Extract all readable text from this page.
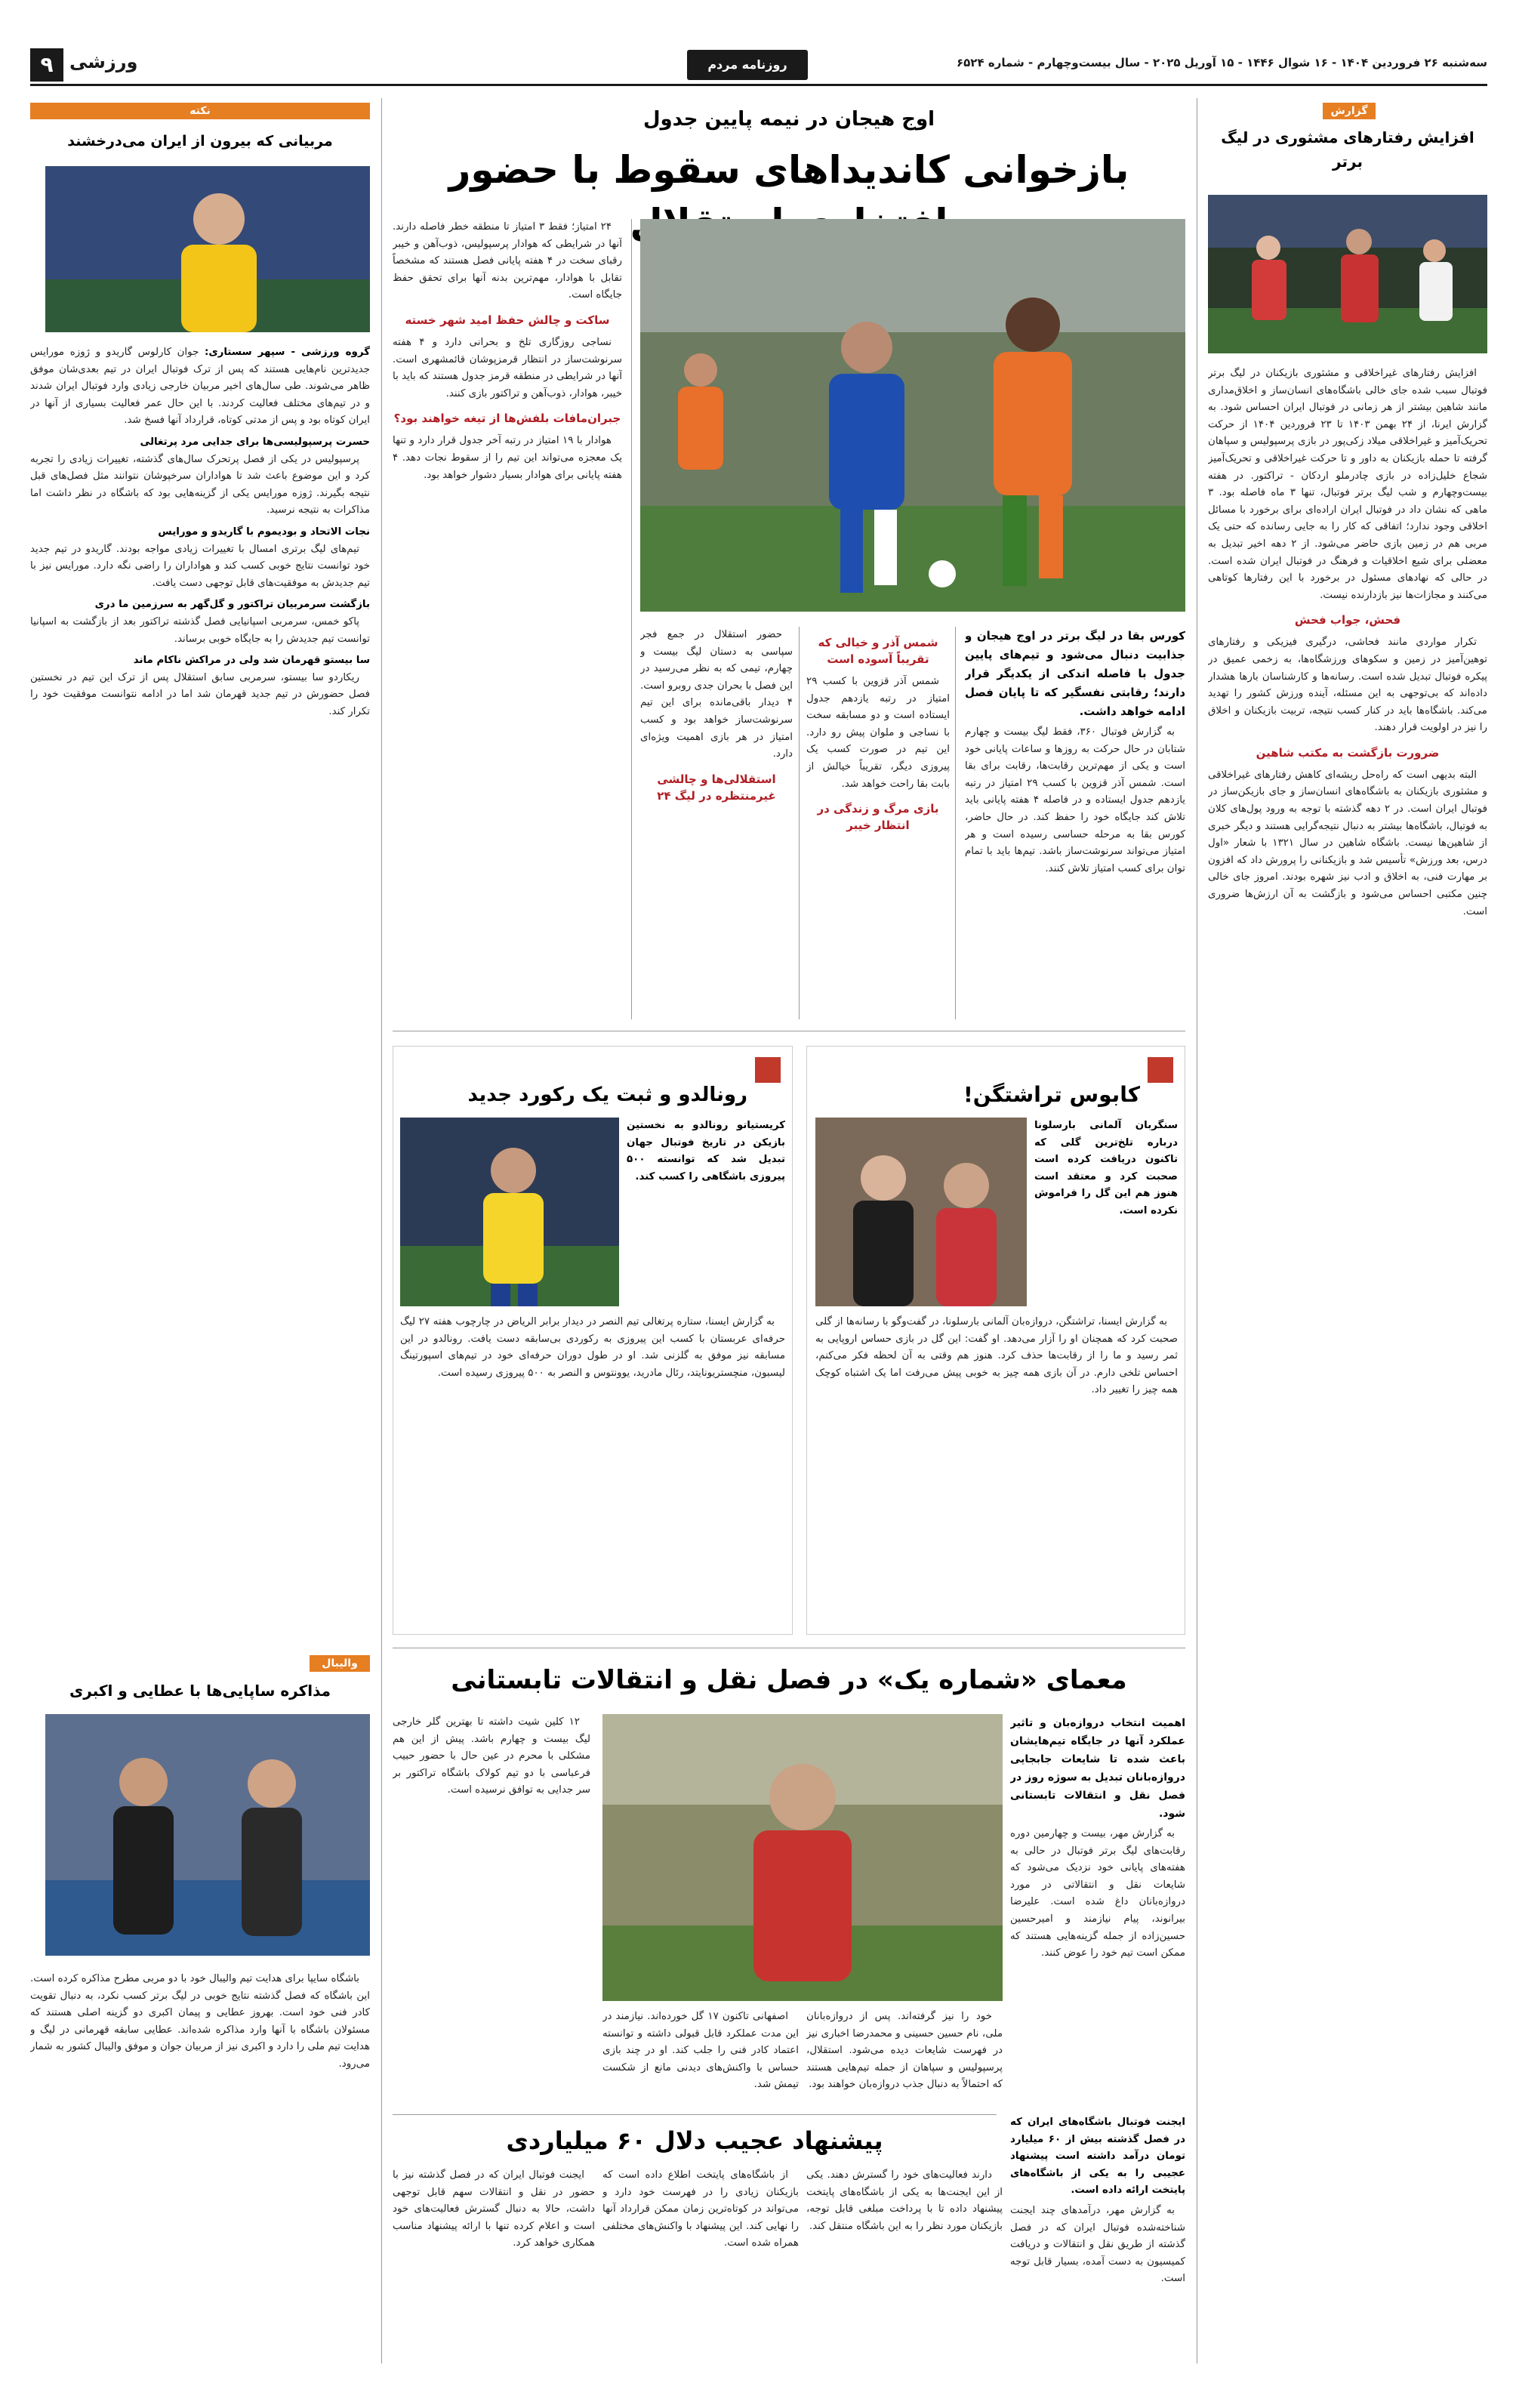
سه‌شنبه ۲۶ فروردین ۱۴۰۴ - ۱۶ شوال ۱۴۴۶ - ۱۵ آوریل ۲۰۲۵ - سال بیست‌وچهارم - شماره ۶۵۲۴
روزنامه مردم سالاری
۹ ورزشی
گزارش
افزایش رفتارهای مشثوری در لیگ برتر

افزایش رفتارهای غیراخلاقی و مشثوری بازیکنان در لیگ برتر فوتبال سبب شده جای خالی باشگاه‌های انسان‌ساز و اخلاق‌مداری مانند شاهین بیشتر از هر زمانی در فوتبال ایران احساس شود. به گزارش ایرنا، از ۲۴ بهمن ۱۴۰۳ تا ۲۳ فروردین ۱۴۰۴ از حرکت تحریک‌آمیز و غیراخلاقی میلاد زکی‌پور در بازی پرسپولیس و سپاهان گرفته تا حمله بازیکنان به داور و تا حرکت غیراخلاقی و تحریک‌آمیز شجاع خلیل‌زاده در بازی چادرملو اردکان - تراکتور. در هفته بیست‌وچهارم و شب لیگ برتر فوتبال، تنها ۳ ماه فاصله بود. ۳ ماهی که نشان داد در فوتبال ایران اراده‌ای برای برخورد با مسائل اخلاقی وجود ندارد؛ اتفاقی که کار را به جایی رسانده که حتی یک مربی هم در زمین بازی حاضر می‌شود. از ۲ دهه اخیر تبدیل به معضلی برای شیع اخلاقیات و فرهنگ در فوتبال ایران شده است. در حالی که نهادهای مسئول در برخورد با این رفتارها کوتاهی می‌کنند و مجازات‌ها نیز بازدارنده نیست.

فحش، جواب فحش

تکرار مواردی مانند فحاشی، درگیری فیزیکی و رفتارهای توهین‌آمیز در زمین و سکوهای ورزشگاه‌ها، به زخمی عمیق در پیکره فوتبال تبدیل شده است. رسانه‌ها و کارشناسان بارها هشدار داده‌اند که بی‌توجهی به این مسئله، آینده ورزش کشور را تهدید می‌کند. باشگاه‌ها باید در کنار کسب نتیجه، تربیت بازیکنان و اخلاق را نیز در اولویت قرار دهند.

ضرورت بازگشت به مکتب شاهین

البته بدیهی است که راه‌حل ریشه‌ای کاهش رفتارهای غیراخلاقی و مشثوری بازیکنان به باشگاه‌های انسان‌ساز و جای بازیکن‌ساز در فوتبال ایران است. در ۲ دهه گذشته با توجه به ورود پول‌های کلان به فوتبال، باشگاه‌ها بیشتر به دنبال نتیجه‌گرایی هستند و دیگر خبری از شاهین‌ها نیست. باشگاه شاهین در سال ۱۳۲۱ با شعار «اول درس، بعد ورزش» تأسیس شد و بازیکنانی را پرورش داد که افزون بر مهارت فنی، به اخلاق و ادب نیز شهره بودند. امروز جای خالی چنین مکتبی احساس می‌شود و بازگشت به آن ارزش‌ها ضروری است.

اوج هیجان در نیمه پایین جدول
بازخوانی کاندیداهای سقوط با حضور

کورس بقا در لیگ برتر در اوج هیجان و جذابیت دنبال می‌شود و تیم‌های پایین جدول با فاصله اندکی از یکدیگر قرار دارند؛ رقابتی نفسگیر که تا پایان فصل ادامه خواهد داشت.

به گزارش فوتبال ۳۶۰، فقط لیگ بیست و چهارم شتابان در حال حرکت به روزها و ساعات پایانی خود است و یکی از مهم‌ترین رقابت‌ها، رقابت برای بقا است. شمس آذر قزوین با کسب ۲۹ امتیاز در رتبه یازدهم جدول ایستاده و در فاصله ۴ هفته پایانی باید تلاش کند جایگاه خود را حفظ کند. در حال حاضر، کورس بقا به مرحله حساسی رسیده است و هر امتیاز می‌تواند سرنوشت‌ساز باشد. تیم‌ها باید با تمام توان برای کسب امتیاز تلاش کنند.

شمس آذر و خیالی که تقریباً آسوده است

شمس آذر قزوین با کسب ۲۹ امتیاز در رتبه یازدهم جدول ایستاده است و دو مسابقه سخت با نساجی و ملوان پیش رو دارد. این تیم در صورت کسب یک پیروزی دیگر، تقریباً خیالش از بابت بقا راحت خواهد شد.

بازی مرگ و زندگی در انتظار خیبر

حضور استقلال در جمع فجر سپاسی به دستان لیگ بیست و چهارم، تیمی که به نظر می‌رسید در این فصل با بحران جدی روبرو است. ۴ دیدار باقی‌مانده برای این تیم سرنوشت‌ساز خواهد بود و کسب امتیاز در هر بازی اهمیت ویژه‌ای دارد.

استقلالی‌ها و چالشی غیرمنتظره در لیگ ۲۴

۲۴ امتیاز؛ فقط ۳ امتیاز تا منطقه خطر فاصله دارند. آنها در شرایطی که هوادار پرسپولیس، ذوب‌آهن و خیبر رقبای سخت در ۴ هفته پایانی فصل هستند که مشخصاً تقابل با هوادار، مهم‌ترین بدنه آنها برای تحقق حفظ جایگاه است.

ساکت و چالش حفظ امید شهر خسته

نساجی روزگاری تلخ و بحرانی دارد و ۴ هفته سرنوشت‌ساز در انتظار قرمزپوشان قائمشهری است. آنها در شرایطی در منطقه قرمز جدول هستند که باید با خیبر، هوادار، ذوب‌آهن و تراکتور بازی کنند.

جبران‌مافات بلفش‌ها از تیغه خواهند بود؟

هوادار با ۱۹ امتیاز در رتبه آخر جدول قرار دارد و تنها یک معجزه می‌تواند این تیم را از سقوط نجات دهد. ۴ هفته پایانی برای هوادار بسیار دشوار خواهد بود.

کابوس تراشتگن!

سنگربان آلمانی بارسلونا درباره تلخ‌ترین گلی که تاکنون دریافت کرده است صحبت کرد و معتقد است هنوز هم این گل را فراموش نکرده است.

به گزارش ایسنا، تراشتگن، دروازه‌بان آلمانی بارسلونا، در گفت‌وگو با رسانه‌ها از گلی صحبت کرد که همچنان او را آزار می‌دهد. او گفت: این گل در بازی حساس اروپایی به ثمر رسید و ما را از رقابت‌ها حذف کرد. هنوز هم وقتی به آن لحظه فکر می‌کنم، احساس تلخی دارم. در آن بازی همه چیز به خوبی پیش می‌رفت اما یک اشتباه کوچک همه چیز را تغییر داد.

رونالدو و ثبت یک رکورد جدید

کریستیانو رونالدو به نخستین بازیکن در تاریخ فوتبال جهان تبدیل شد که توانسته ۵۰۰ پیروزی باشگاهی را کسب کند.

به گزارش ایسنا، ستاره پرتغالی تیم النصر در دیدار برابر الریاض در چارچوب هفته ۲۷ لیگ حرفه‌ای عربستان با کسب این پیروزی به رکوردی بی‌سابقه دست یافت. رونالدو در این مسابقه نیز موفق به گلزنی شد. او در طول دوران حرفه‌ای خود در تیم‌های اسپورتینگ لیسبون، منچستریونایتد، رئال مادرید، یوونتوس و النصر به ۵۰۰ پیروزی رسیده است.

معمای «شماره یک» در فصل نقل و انتقالات تابستانی

اهمیت انتخاب دروازه‌بان و تاثیر عملکرد آنها در جایگاه تیم‌هایشان باعث شده تا شایعات جابجایی دروازه‌بانان تبدیل به سوژه روز در فصل نقل و انتقالات تابستانی شود.

به گزارش مهر، بیست و چهارمین دوره رقابت‌های لیگ برتر فوتبال در حالی به هفته‌های پایانی خود نزدیک می‌شود که شایعات نقل و انتقالاتی در مورد دروازه‌بانان داغ شده است. علیرضا بیرانوند، پیام نیازمند و امیرحسین حسین‌زاده از جمله گزینه‌هایی هستند که ممکن است تیم خود را عوض کنند.

خود را نیز گرفته‌اند. پس از دروازه‌بانان ملی، نام حسین حسینی و محمدرضا اخباری نیز در فهرست شایعات دیده می‌شود. استقلال، پرسپولیس و سپاهان از جمله تیم‌هایی هستند که احتمالاً به دنبال جذب دروازه‌بان خواهند بود.

اصفهانی تاکنون ۱۷ گل خورده‌اند. نیازمند در این مدت عملکرد قابل قبولی داشته و توانسته اعتماد کادر فنی را جلب کند. او در چند بازی حساس با واکنش‌های دیدنی مانع از شکست تیمش شد.

۱۲ کلین شیت داشته تا بهترین گلر خارجی لیگ بیست و چهارم باشد. پیش از این هم مشکلی با محرم در عین حال با حضور حبیب فرعباسی با دو تیم کولاک باشگاه تراکتور بر سر جدایی به توافق نرسیده است.

پیشنهاد عجیب دلال ۶۰ میلیاردی

ایجنت فوتبال باشگاه‌های ایران که در فصل گذشته بیش از ۶۰ میلیارد تومان درآمد داشته است پیشنهاد عجیبی را به یکی از باشگاه‌های پایتخت ارائه داده است.

به گزارش مهر، درآمدهای چند ایجنت شناخته‌شده فوتبال ایران که در فصل گذشته از طریق نقل و انتقالات و دریافت کمیسیون به دست آمده، بسیار قابل توجه است.

دارند فعالیت‌های خود را گسترش دهند. یکی از این ایجنت‌ها به یکی از باشگاه‌های پایتخت پیشنهاد داده تا با پرداخت مبلغی قابل توجه، بازیکنان مورد نظر را به این باشگاه منتقل کند.

از باشگاه‌های پایتخت اطلاع داده است که بازیکنان زیادی را در فهرست خود دارد و می‌تواند در کوتاه‌ترین زمان ممکن قرارداد آنها را نهایی کند. این پیشنهاد با واکنش‌های مختلفی همراه شده است.

ایجنت فوتبال ایران که در فصل گذشته نیز با حضور در نقل و انتقالات سهم قابل توجهی داشت، حالا به دنبال گسترش فعالیت‌های خود است و اعلام کرده تنها با ارائه پیشنهاد مناسب همکاری خواهد کرد.

نکته
مربیانی که بیرون از ایران می‌درخشند

گروه ورزشی - سپهر سستاری: جوان کارلوس گاریدو و ژوزه مورایس جدیدترین نام‌هایی هستند که پس از ترک فوتبال ایران در تیم بعدی‌شان موفق ظاهر می‌شوند. طی سال‌های اخیر مربیان خارجی زیادی وارد فوتبال ایران شدند و در تیم‌های مختلف فعالیت کردند. با این حال عمر فعالیت بسیاری از آنها در ایران کوتاه بود و پس از مدتی کوتاه، قرارداد آنها فسخ شد.

حسرت پرسپولیسی‌ها برای جدایی مرد پرتغالی

پرسپولیس در یکی از فصل پرتحرک سال‌های گذشته، تغییرات زیادی را تجربه کرد و این موضوع باعث شد تا هواداران سرخپوشان نتوانند مثل فصل‌های قبل نتیجه بگیرند. ژوزه مورایس یکی از گزینه‌هایی بود که باشگاه در نظر داشت اما مذاکرات به نتیجه نرسید.

نجات الاتحاد و بودیموم با گاریدو و مورایس

تیم‌های لیگ برتری امسال با تغییرات زیادی مواجه بودند. گاریدو در تیم جدید خود توانست نتایج خوبی کسب کند و هواداران را راضی نگه دارد. مورایس نیز با تیم جدیدش به موفقیت‌های قابل توجهی دست یافت.

بازگشت سرمربیان تراکتور و گل‌گهر به سرزمین ما دری

پاکو خمس، سرمربی اسپانیایی فصل گذشته تراکتور بعد از بازگشت به اسپانیا توانست تیم جدیدش را به جایگاه خوبی برساند.

سا بیستو قهرمان شد ولی در مراکش ناکام ماند

ریکاردو سا بیستو، سرمربی سابق استقلال پس از ترک این تیم در نخستین فصل حضورش در تیم جدید قهرمان شد اما در ادامه نتوانست موفقیت خود را تکرار کند.

والیبال
مذاکره ساپایی‌ها با عطایی و اکبری

باشگاه سایپا برای هدایت تیم والیبال خود با دو مربی مطرح مذاکره کرده است. این باشگاه که فصل گذشته نتایج خوبی در لیگ برتر کسب نکرد، به دنبال تقویت کادر فنی خود است. بهروز عطایی و پیمان اکبری دو گزینه اصلی هستند که مسئولان باشگاه با آنها وارد مذاکره شده‌اند. عطایی سابقه قهرمانی در لیگ و هدایت تیم ملی را دارد و اکبری نیز از مربیان جوان و موفق والیبال کشور به شمار می‌رود.
